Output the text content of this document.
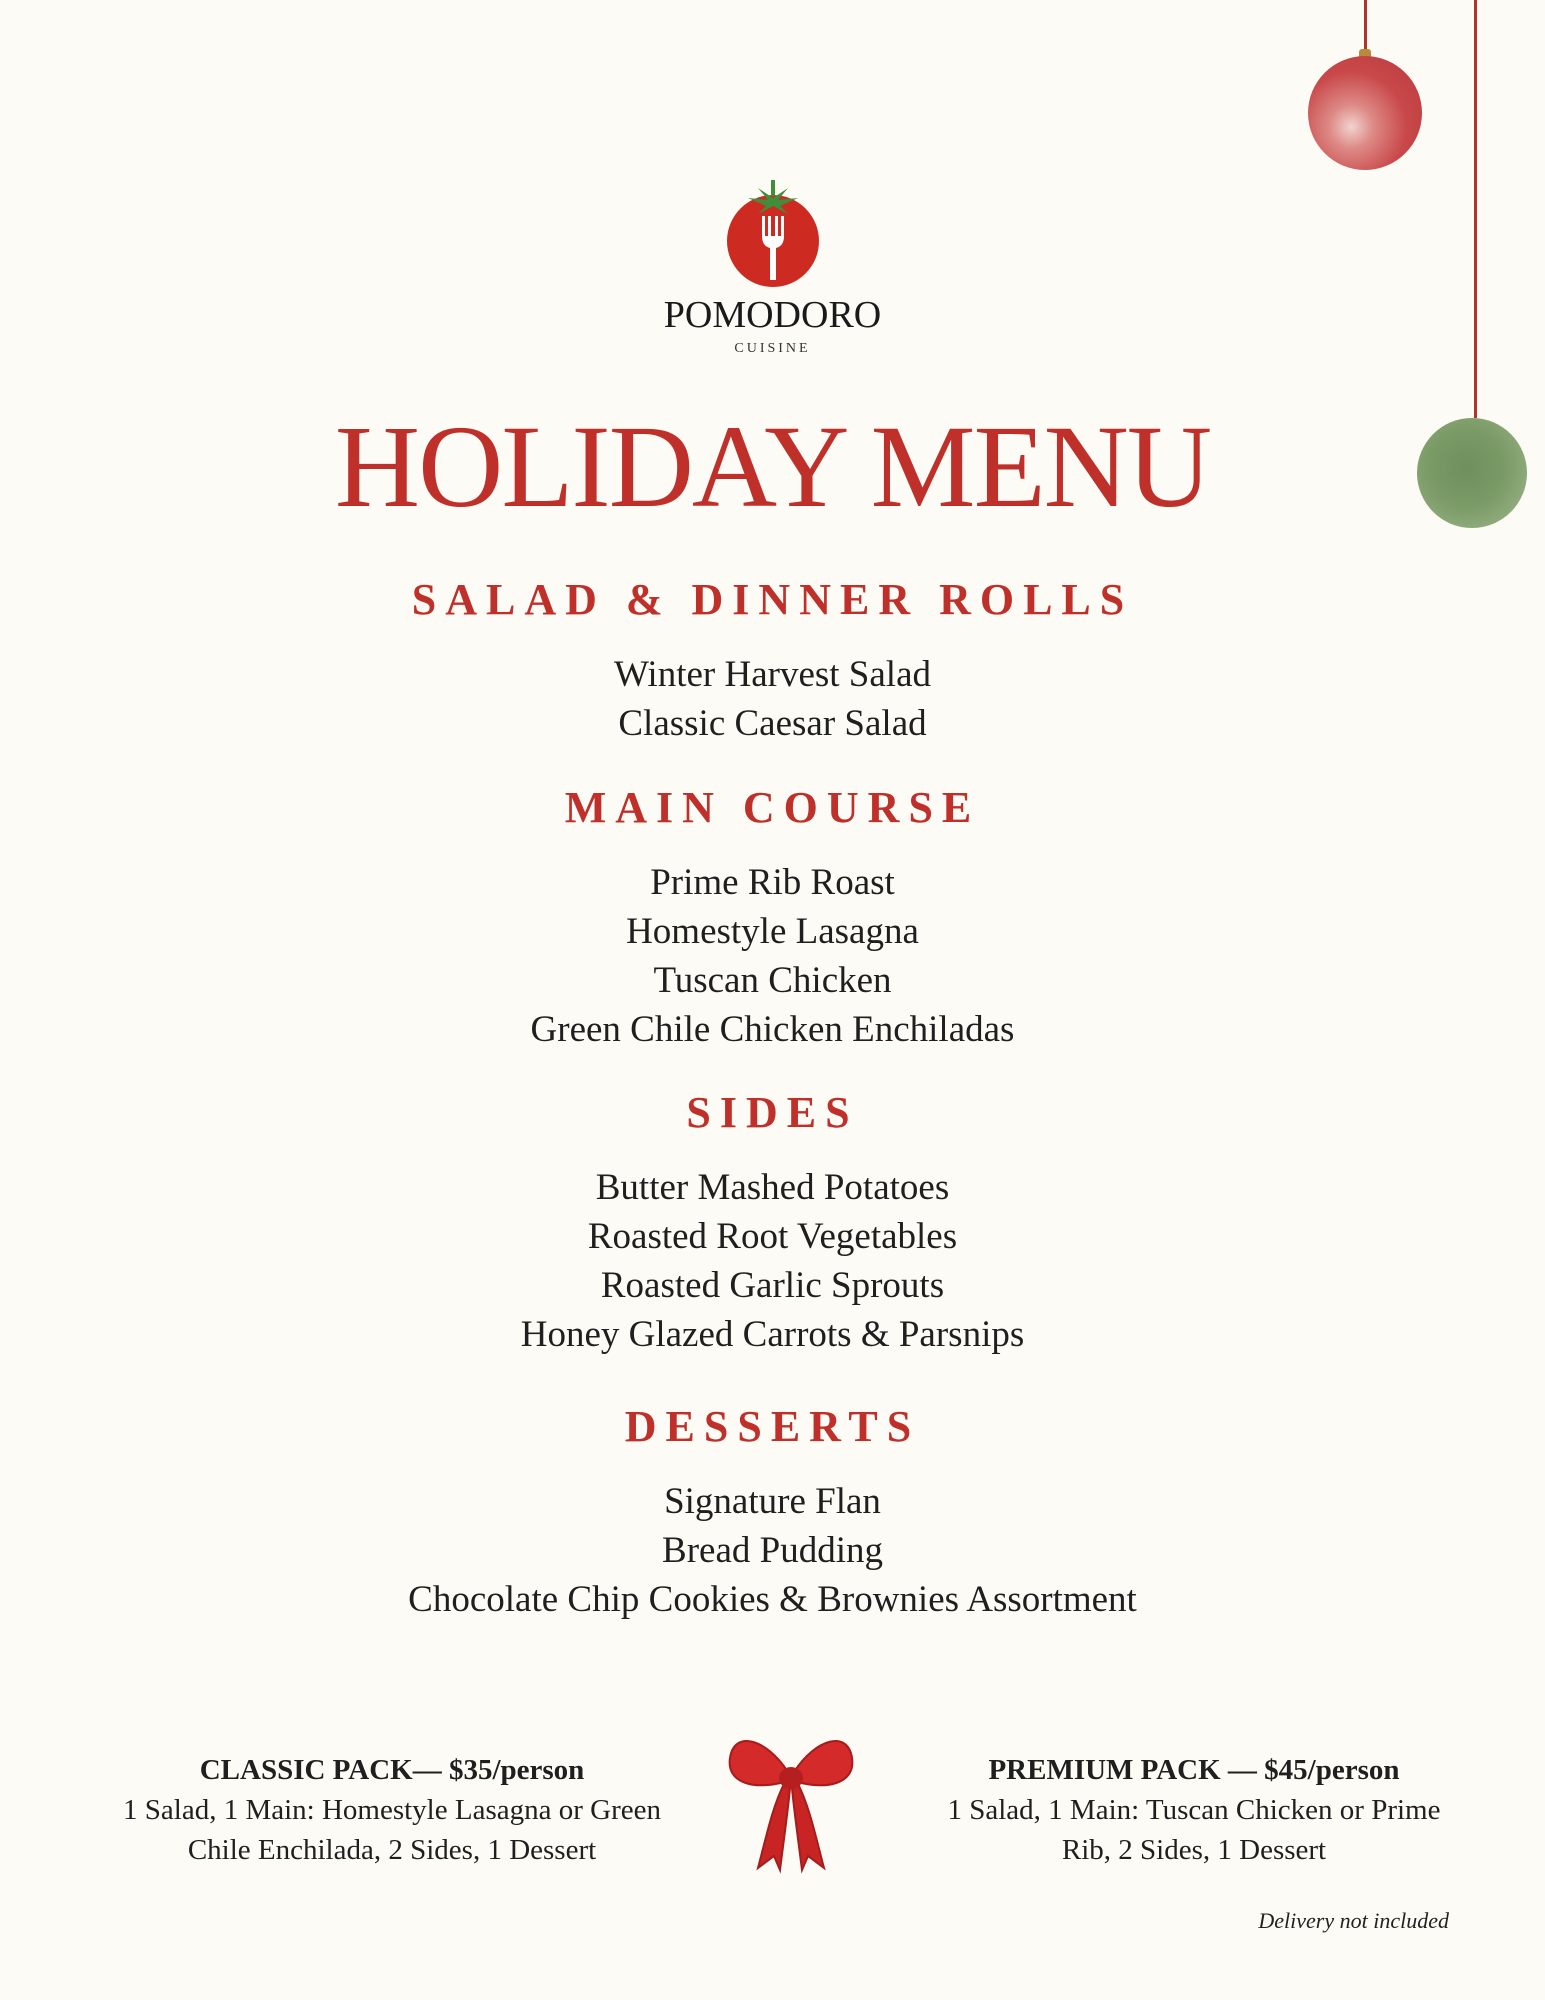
POMODORO
CUISINE
HOLIDAY MENU
SALAD & DINNER ROLLS
Winter Harvest Salad
Classic Caesar Salad
MAIN COURSE
Prime Rib Roast
Homestyle Lasagna
Tuscan Chicken
Green Chile Chicken Enchiladas
SIDES
Butter Mashed Potatoes
Roasted Root Vegetables
Roasted Garlic Sprouts
Honey Glazed Carrots & Parsnips
DESSERTS
Signature Flan
Bread Pudding
Chocolate Chip Cookies & Brownies Assortment
CLASSIC PACK— $35/person
1 Salad, 1 Main: Homestyle Lasagna or Green
Chile Enchilada, 2 Sides, 1 Dessert
PREMIUM PACK — $45/person
1 Salad, 1 Main: Tuscan Chicken or Prime
Rib, 2 Sides, 1 Dessert
Delivery not included
